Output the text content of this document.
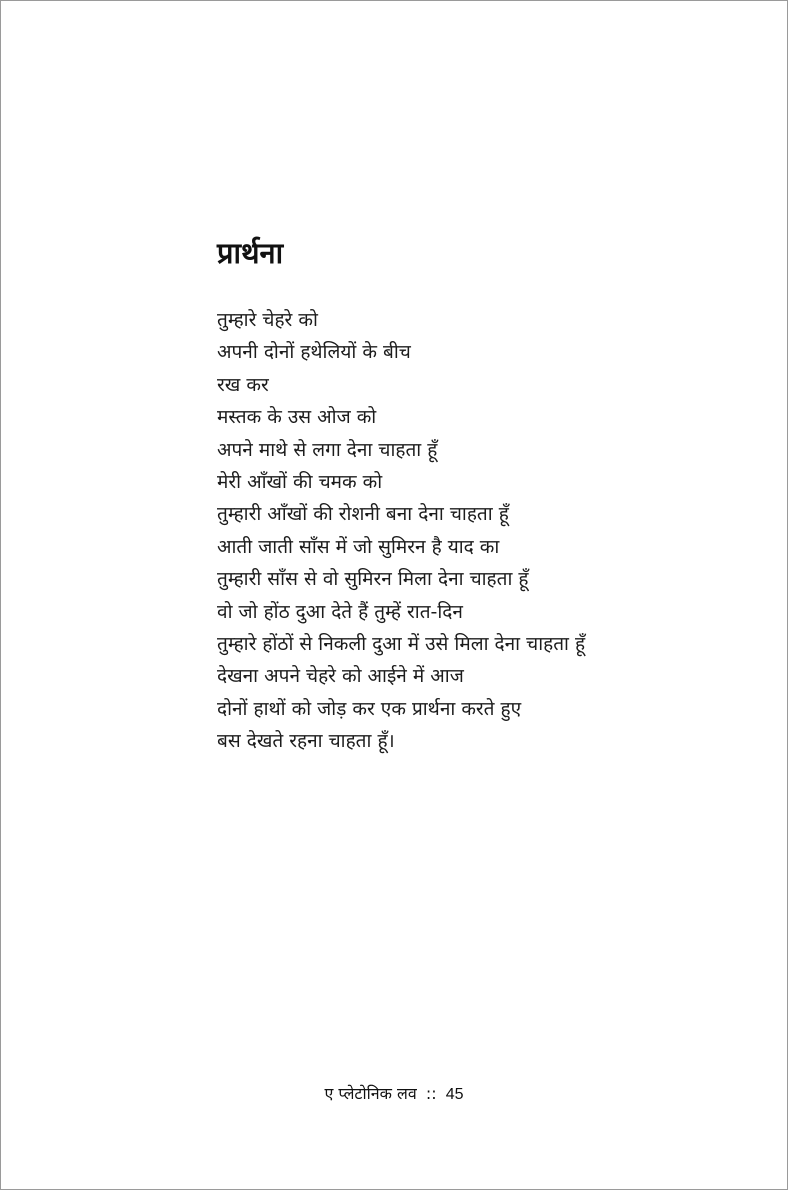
प्रार्थना
तुम्हारे चेहरे को
अपनी दोनों हथेलियों के बीच
रख कर
मस्तक के उस ओज को
अपने माथे से लगा देना चाहता हूँ
मेरी आँखों की चमक को
तुम्हारी आँखों की रोशनी बना देना चाहता हूँ
आती जाती साँस में जो सुमिरन है याद का
तुम्हारी साँस से वो सुमिरन मिला देना चाहता हूँ
वो जो होंठ दुआ देते हैं तुम्हें रात-दिन
तुम्हारे होंठों से निकली दुआ में उसे मिला देना चाहता हूँ
देखना अपने चेहरे को आईने में आज
दोनों हाथों को जोड़ कर एक प्रार्थना करते हुए
बस देखते रहना चाहता हूँ।
ए प्लेटोनिक लव :: 45
